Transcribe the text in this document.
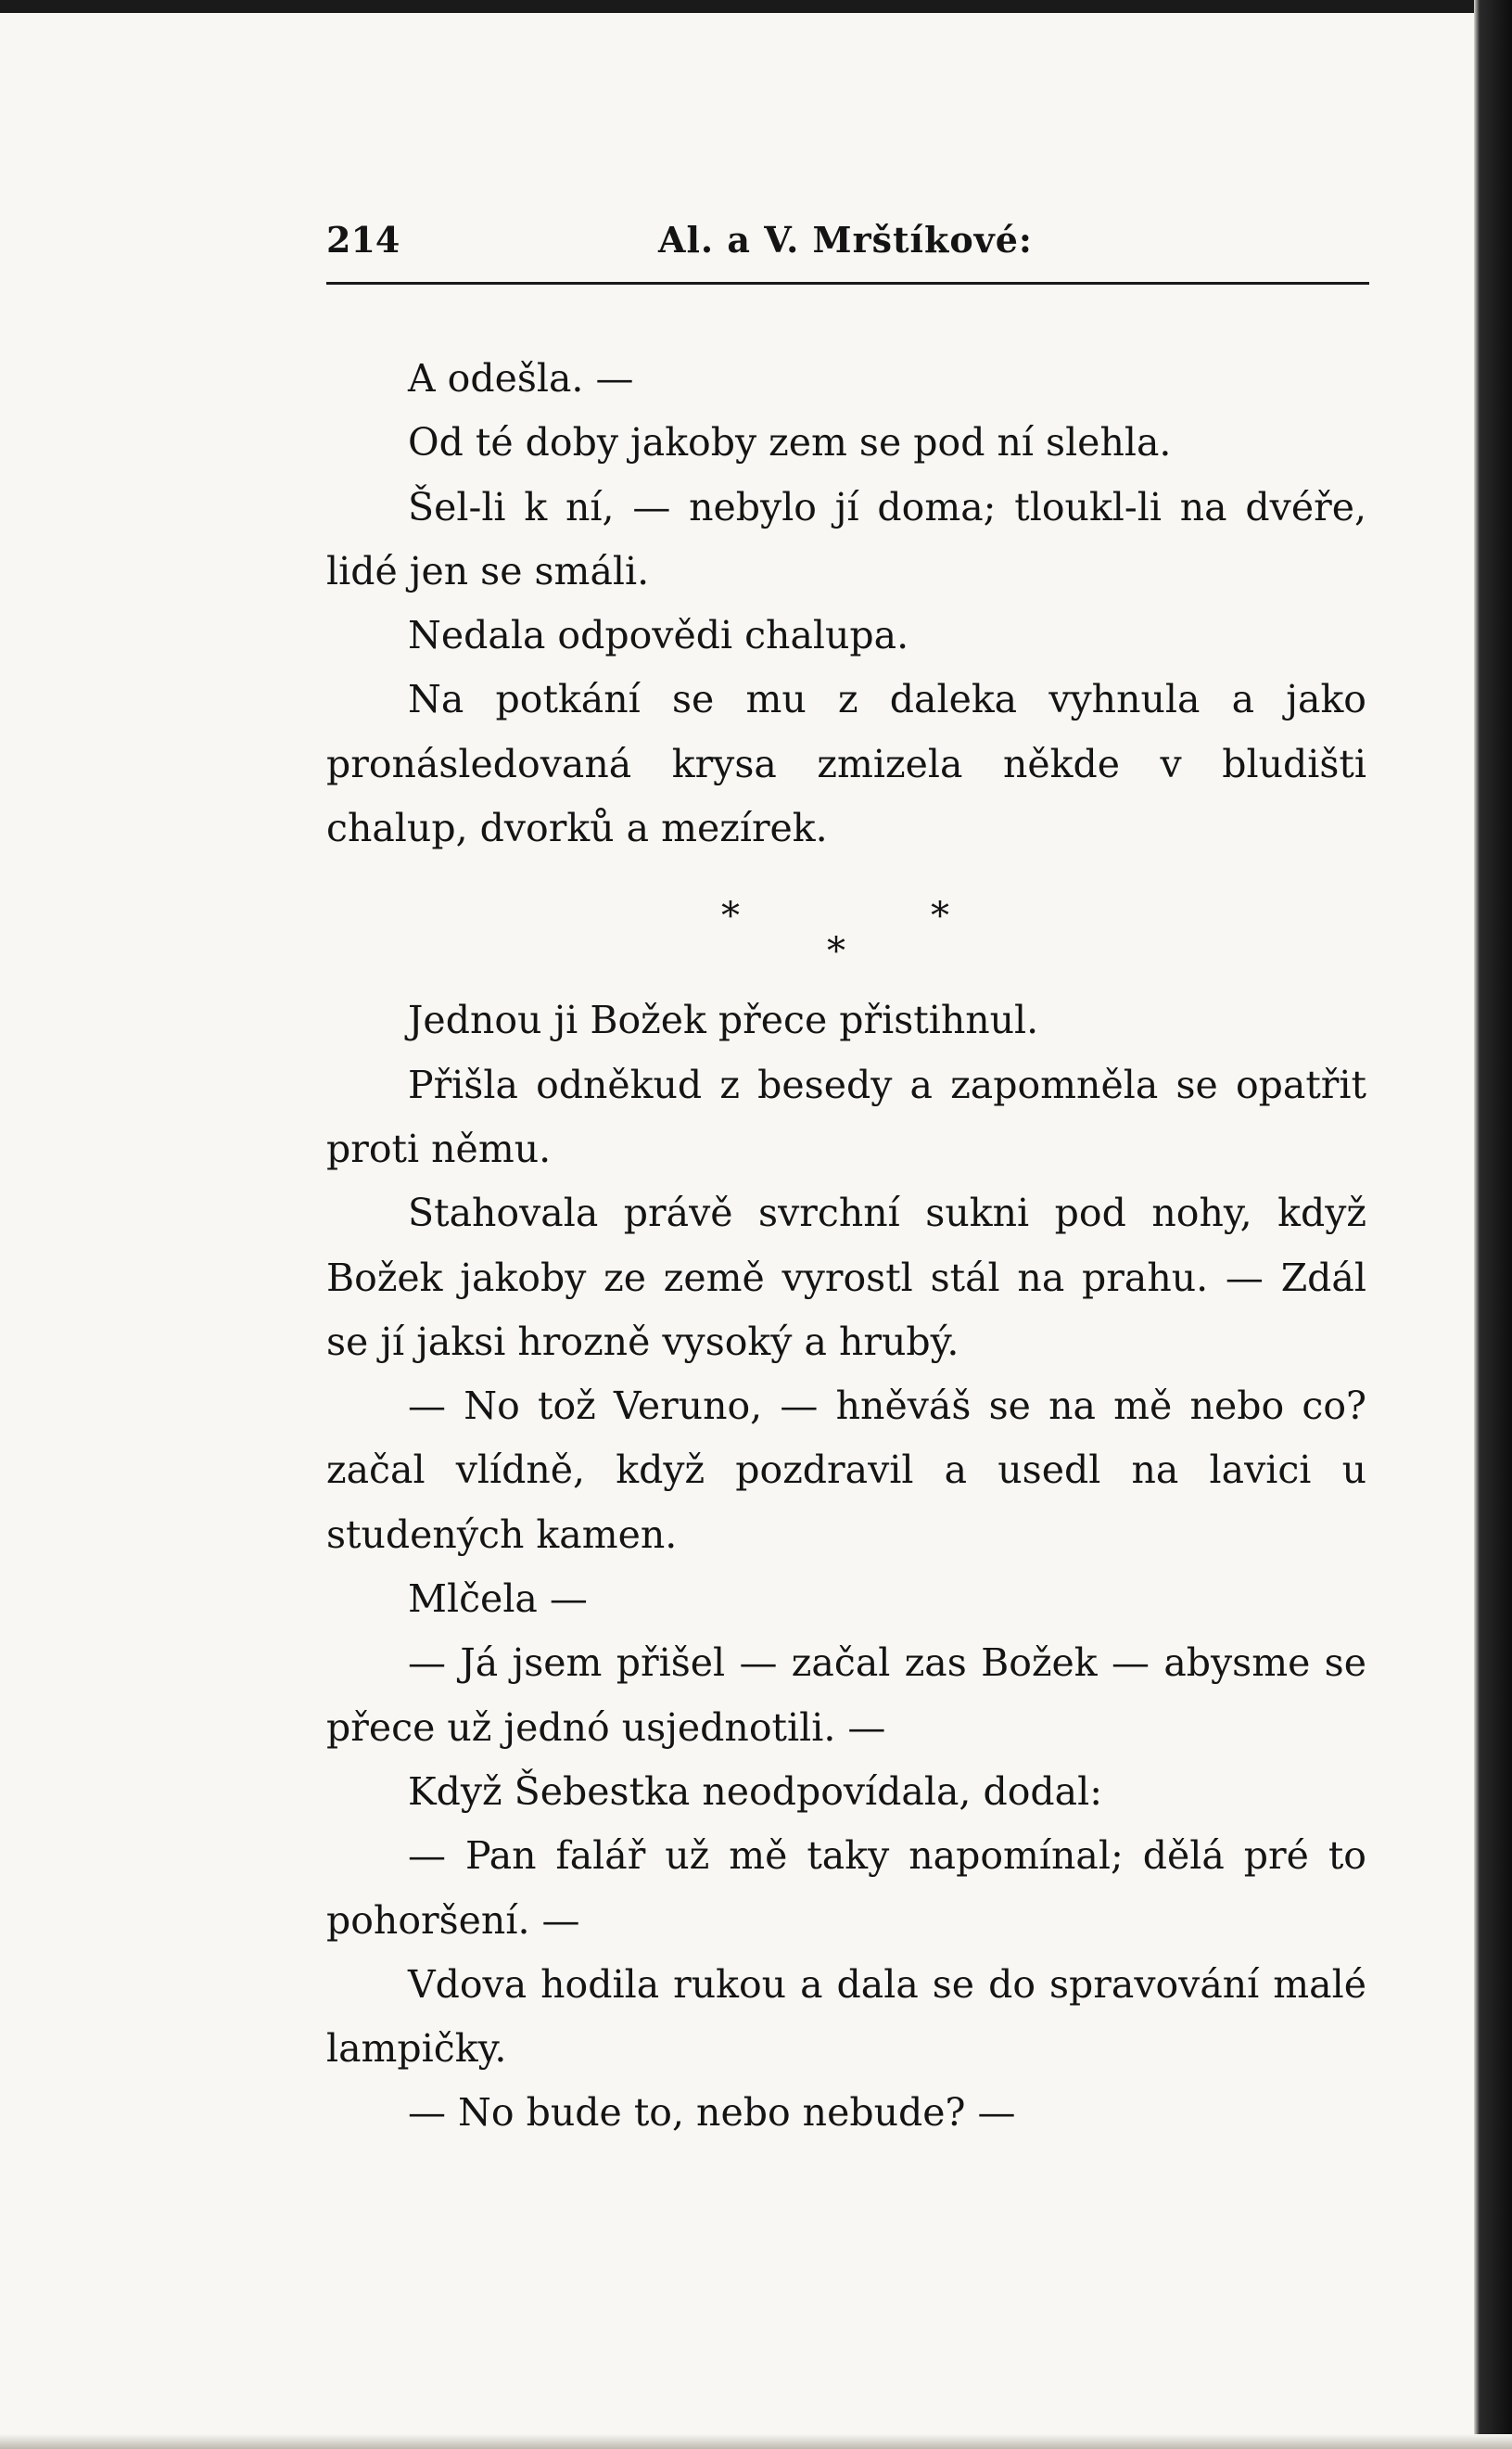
214	Al. a V. Mrštíkové:

A odešla. —

Od té doby jakoby zem se pod ní slehla.

Šel-li k ní, — nebylo jí doma; tloukl-li na dvéře, lidé jen se smáli.

Nedala odpovědi chalupa.

Na potkání se mu z daleka vyhnula a jako pronásledovaná krysa zmizela někde v bludišti chalup, dvorků a mezírek.

*	*
*

Jednou ji Božek přece přistihnul.

Přišla odněkud z besedy a zapomněla se opatřit proti němu.

Stahovala právě svrchní sukni pod nohy, když Božek jakoby ze země vyrostl stál na prahu. — Zdál se jí jaksi hrozně vysoký a hrubý.

— No tož Veruno, — hněváš se na mě nebo co? začal vlídně, když pozdravil a usedl na lavici u studených kamen.

Mlčela —

— Já jsem přišel — začal zas Božek — abysme se přece už jednó usjednotili. —

Když Šebestka neodpovídala, dodal:

— Pan falář už mě taky napomínal; dělá pré to pohoršení. —

Vdova hodila rukou a dala se do spravování malé lampičky.

— No bude to, nebo nebude? —
